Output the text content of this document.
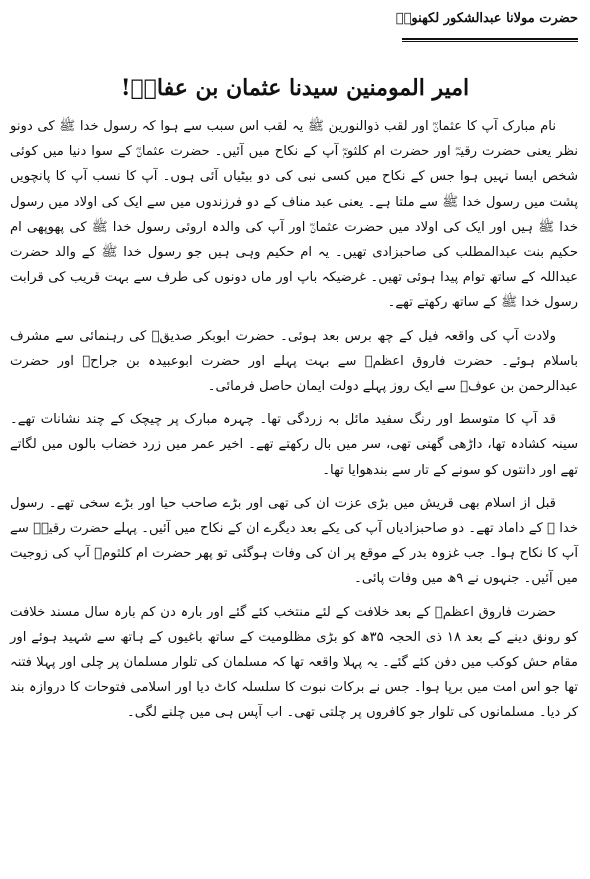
حضرت مولانا عبدالشکور لکھنویؒ
امیر المومنین سیدنا عثمان بن عفانؓ!

نام مبارک آپ کا عثمانؓ اور لقب ذوالنورین ﷺ یہ لقب اس سبب سے ہوا کہ رسول خدا ﷺ کی دونو نظر یعنی حضرت رقیہؓ اور حضرت ام کلثومؓ آپ کے نکاح میں آئیں۔ حضرت عثمانؓ کے سوا دنیا میں کوئی شخص ایسا نہیں ہوا جس کے نکاح میں کسی نبی کی دو بیٹیاں آئی ہوں۔ آپ کا نسب آپ کا پانچویں پشت میں رسول خدا ﷺ سے ملتا ہے۔ یعنی عبد مناف کے دو فرزندوں میں سے ایک کی اولاد میں رسول خدا ﷺ ہیں اور ایک کی اولاد میں حضرت عثمانؓ اور آپ کی والدہ اروئی رسول خدا ﷺ کی پھوپھی ام حکیم بنت عبدالمطلب کی صاحبزادی تھیں۔ یہ ام حکیم وہی ہیں جو رسول خدا ﷺ کے والد حضرت عبداللہ کے ساتھ توام پیدا ہوئی تھیں۔ غرضیکہ باپ اور ماں دونوں کی طرف سے بہت قریب کی قرابت رسول خدا ﷺ کے ساتھ رکھتے تھے۔

ولادت آپ کی واقعہ فیل کے چھ برس بعد ہوئی۔ حضرت ابوبکر صدیقؓ کی رہنمائی سے مشرف باسلام ہوئے۔ حضرت فاروق اعظمؓ سے بہت پہلے اور حضرت ابوعبیدہ بن جراحؓ اور حضرت عبدالرحمن بن عوفؓ سے ایک روز پہلے دولت ایمان حاصل فرمائی۔

قد آپ کا متوسط اور رنگ سفید مائل بہ زردگی تھا۔ چہرہ مبارک پر چیچک کے چند نشانات تھے۔ سینہ کشادہ تھا، داڑھی گھنی تھی، سر میں بال رکھتے تھے۔ اخیر عمر میں زرد خضاب بالوں میں لگاتے تھے اور دانتوں کو سونے کے تار سے بندھوایا تھا۔

قبل از اسلام بھی قریش میں بڑی عزت ان کی تھی اور بڑے صاحب حیا اور بڑے سخی تھے۔ رسول خدا ﷺ کے داماد تھے۔ دو صاحبزادیاں آپ کی یکے بعد دیگرے ان کے نکاح میں آئیں۔ پہلے حضرت رقیہؓ سے آپ کا نکاح ہوا۔ جب غزوہ بدر کے موقع پر ان کی وفات ہوگئی تو پھر حضرت ام کلثومؓ آپ کی زوجیت میں آئیں۔ جنہوں نے ۹ھ میں وفات پائی۔

حضرت فاروق اعظمؓ کے بعد خلافت کے لئے منتخب کئے گئے اور بارہ دن کم بارہ سال مسند خلافت کو رونق دینے کے بعد ۱۸ ذی الحجہ ۳۵ھ کو بڑی مظلومیت کے ساتھ باغیوں کے ہاتھ سے شہید ہوئے اور مقام حش کوکب میں دفن کئے گئے۔ یہ پہلا واقعہ تھا کہ مسلمان کی تلوار مسلمان پر چلی اور پہلا فتنہ تھا جو اس امت میں برپا ہوا۔ جس نے برکات نبوت کا سلسلہ کاٹ دیا اور اسلامی فتوحات کا دروازہ بند کر دیا۔ مسلمانوں کی تلوار جو کافروں پر چلتی تھی۔ اب آپس ہی میں چلنے لگی۔
